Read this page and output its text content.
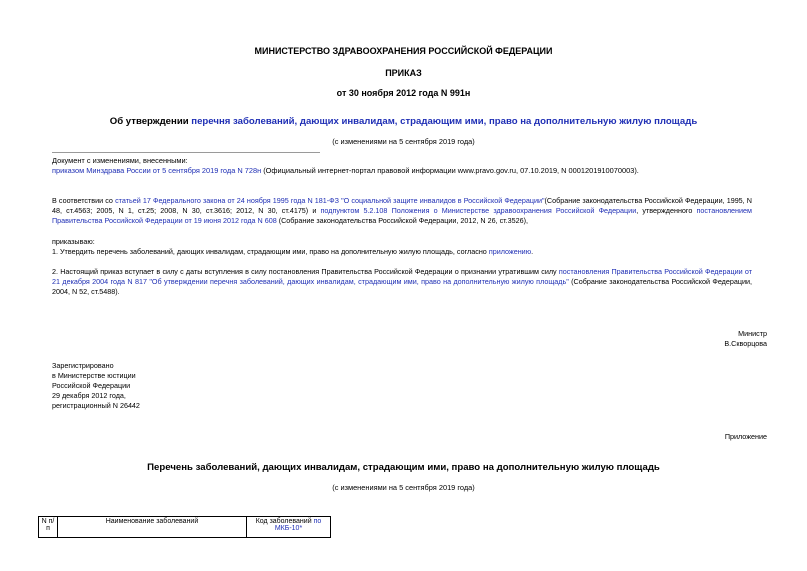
МИНИСТЕРСТВО ЗДРАВООХРАНЕНИЯ РОССИЙСКОЙ ФЕДЕРАЦИИ
ПРИКАЗ
от 30 ноября 2012 года N 991н
Об утверждении перечня заболеваний, дающих инвалидам, страдающим ими, право на дополнительную жилую площадь
(с изменениями на 5 сентября 2019 года)
Документ с изменениями, внесенными:
приказом Минздрава России от 5 сентября 2019 года N 728н (Официальный интернет-портал правовой информации www.pravo.gov.ru, 07.10.2019, N 0001201910070003).
В соответствии со статьей 17 Федерального закона от 24 ноября 1995 года N 181-ФЗ "О социальной защите инвалидов в Российской Федерации"(Собрание законодательства Российской Федерации, 1995, N 48, ст.4563; 2005, N 1, ст.25; 2008, N 30, ст.3616; 2012, N 30, ст.4175) и подпунктом 5.2.108 Положения о Министерстве здравоохранения Российской Федерации, утвержденного постановлением Правительства Российской Федерации от 19 июня 2012 года N 608 (Собрание законодательства Российской Федерации, 2012, N 26, ст.3526),
приказываю:
1. Утвердить перечень заболеваний, дающих инвалидам, страдающим ими, право на дополнительную жилую площадь, согласно приложению.
2. Настоящий приказ вступает в силу с даты вступления в силу постановления Правительства Российской Федерации о признании утратившим силу постановления Правительства Российской Федерации от 21 декабря 2004 года N 817 "Об утверждении перечня заболеваний, дающих инвалидам, страдающим ими, право на дополнительную жилую площадь" (Собрание законодательства Российской Федерации, 2004, N 52, ст.5488).
Министр
В.Скворцова
Зарегистрировано
в Министерстве юстиции
Российской Федерации
29 декабря 2012 года,
регистрационный N 26442
Приложение
Перечень заболеваний, дающих инвалидам, страдающим ими, право на дополнительную жилую площадь
(с изменениями на 5 сентября 2019 года)
N п/п	Наименование заболеваний	Код заболеваний по МКБ-10*
